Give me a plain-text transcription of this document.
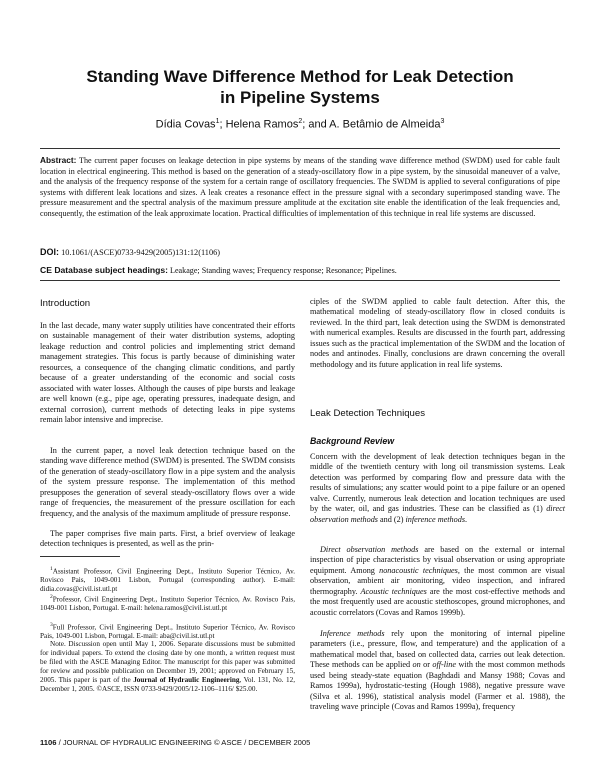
Standing Wave Difference Method for Leak Detection
in Pipeline Systems
Dídia Covas$^1$; Helena Ramos$^2$; and A. Betâmio de Almeida$^3$

Abstract: The current paper focuses on leakage detection in pipe systems by means of the standing wave difference method (SWDM) used for cable fault location in electrical engineering. This method is based on the generation of a steady-oscillatory flow in a pipe system, by the sinusoidal maneuver of a valve, and the analysis of the frequency response of the system for a certain range of oscillatory frequencies. The SWDM is applied to several configurations of pipe systems with different leak locations and sizes. A leak creates a resonance effect in the pressure signal with a secondary superimposed standing wave. The pressure measurement and the spectral analysis of the maximum pressure amplitude at the excitation site enable the identification of the leak frequencies and, consequently, the estimation of the leak approximate location. Practical difficulties of implementation of this technique in real life systems are discussed.

DOI: 10.1061/(ASCE)0733-9429(2005)131:12(1106)
CE Database subject headings: Leakage; Standing waves; Frequency response; Resonance; Pipelines.
Introduction

In the last decade, many water supply utilities have concentrated their efforts on sustainable management of their water distribution systems, adopting leakage reduction and control policies and implementing strict demand management strategies. This focus is partly because of diminishing water resources, a consequence of the changing climatic conditions, and partly because of a greater understanding of the economic and social costs associated with water losses. Although the causes of pipe bursts and leakage are well known (e.g., pipe age, operating pressures, inadequate design, and external corrosion), current methods of detecting leaks in pipe systems remain labor intensive and imprecise.

In the current paper, a novel leak detection technique based on the standing wave difference method (SWDM) is presented. The SWDM consists of the generation of steady-oscillatory flow in a pipe system and the analysis of the system pressure response. The implementation of this method presupposes the generation of several steady-oscillatory flows over a wide range of frequencies, the measurement of the pressure oscillation for each frequency, and the analysis of the maximum amplitude of pressure response.

The paper comprises five main parts. First, a brief overview of leakage detection techniques is presented, as well as the prin-

$^1$Assistant Professor, Civil Engineering Dept., Instituto Superior Técnico, Av. Rovisco Pais, 1049-001 Lisbon, Portugal (corresponding author). E-mail: didia.covas@civil.ist.utl.pt

$^2$Professor, Civil Engineering Dept., Instituto Superior Técnico, Av. Rovisco Pais, 1049-001 Lisbon, Portugal. E-mail: helena.ramos@civil.ist.utl.pt

$^3$Full Professor, Civil Engineering Dept., Instituto Superior Técnico, Av. Rovisco Pais, 1049-001 Lisbon, Portugal. E-mail: aba@civil.ist.utl.pt

Note. Discussion open until May 1, 2006. Separate discussions must be submitted for individual papers. To extend the closing date by one month, a written request must be filed with the ASCE Managing Editor. The manuscript for this paper was submitted for review and possible publication on December 19, 2001; approved on February 15, 2005. This paper is part of the Journal of Hydraulic Engineering, Vol. 131, No. 12, December 1, 2005. ©ASCE, ISSN 0733-9429/2005/12-1106–1116/ $25.00.

ciples of the SWDM applied to cable fault detection. After this, the mathematical modeling of steady-oscillatory flow in closed conduits is reviewed. In the third part, leak detection using the SWDM is demonstrated with numerical examples. Results are discussed in the fourth part, addressing issues such as the practical implementation of the SWDM and the location of nodes and antinodes. Finally, conclusions are drawn concerning the overall methodology and its future application in real life systems.

Leak Detection Techniques
Background Review

Concern with the development of leak detection techniques began in the middle of the twentieth century with long oil transmission systems. Leak detection was performed by comparing flow and pressure data with the results of simulations; any scatter would point to a pipe failure or an opened valve. Currently, numerous leak detection and location techniques are used by the water, oil, and gas industries. These can be classified as (1) direct observation methods and (2) inference methods.

Direct observation methods are based on the external or internal inspection of pipe characteristics by visual observation or using appropriate equipment. Among nonacoustic techniques, the most common are visual observation, ambient air monitoring, video inspection, and infrared thermography. Acoustic techniques are the most cost-effective methods and the most frequently used are acoustic stethoscopes, ground microphones, and acoustic correlators (Covas and Ramos 1999b).

Inference methods rely upon the monitoring of internal pipeline parameters (i.e., pressure, flow, and temperature) and the application of a mathematical model that, based on collected data, carries out leak detection. These methods can be applied on or off-line with the most common methods used being steady-state equation (Baghdadi and Mansy 1988; Covas and Ramos 1999a), hydrostatic-testing (Hough 1988), negative pressure wave (Silva et al. 1996), statistical analysis model (Farmer et al. 1988), the traveling wave principle (Covas and Ramos 1999a), frequency

1106 / JOURNAL OF HYDRAULIC ENGINEERING © ASCE / DECEMBER 2005
